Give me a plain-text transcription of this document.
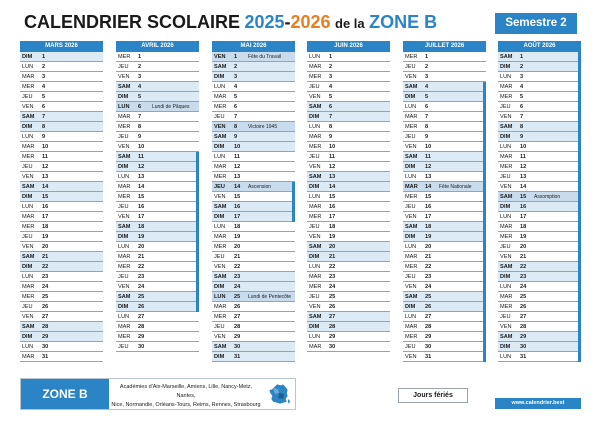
CALENDRIER SCOLAIRE 2025-2026 de la ZONE B	Semestre 2
MARS 2026
DIM	1
LUN	2
MAR	3
MER	4
JEU	5
VEN	6
SAM	7
DIM	8
LUN	9
MAR	10
MER	11
JEU	12
VEN	13
SAM	14
DIM	15
LUN	16
MAR	17
MER	18
JEU	19
VEN	20
SAM	21
DIM	22
LUN	23
MAR	24
MER	25
JEU	26
VEN	27
SAM	28
DIM	29
LUN	30
MAR	31
AVRIL 2026
MER	1
JEU	2
VEN	3
SAM	4
DIM	5
LUN	6	Lundi de Pâques
MAR	7
MER	8
JEU	9
VEN	10
SAM	11
DIM	12
LUN	13
MAR	14
MER	15
JEU	16
VEN	17
SAM	18
DIM	19
LUN	20
MAR	21
MER	22
JEU	23
VEN	24
SAM	25
DIM	26
LUN	27
MAR	28
MER	29
JEU	30
MAI 2026
VEN	1	Fête du Travail
SAM	2
DIM	3
LUN	4
MAR	5
MER	6
JEU	7
VEN	8	Victoire 1945
SAM	9
DIM	10
LUN	11
MAR	12
MER	13
JEU	14	Ascension
VEN	15
SAM	16
DIM	17
LUN	18
MAR	19
MER	20
JEU	21
VEN	22
SAM	23
DIM	24
LUN	25	Lundi de Pentecôte
MAR	26
MER	27
JEU	28
VEN	29
SAM	30
DIM	31
JUIN 2026
LUN	1
MAR	2
MER	3
JEU	4
VEN	5
SAM	6
DIM	7
LUN	8
MAR	9
MER	10
JEU	11
VEN	12
SAM	13
DIM	14
LUN	15
MAR	16
MER	17
JEU	18
VEN	19
SAM	20
DIM	21
LUN	22
MAR	23
MER	24
JEU	25
VEN	26
SAM	27
DIM	28
LUN	29
MAR	30
JUILLET 2026
MER	1
JEU	2
VEN	3
SAM	4
DIM	5
LUN	6
MAR	7
MER	8
JEU	9
VEN	10
SAM	11
DIM	12
LUN	13
MAR	14	Fête Nationale
MER	15
JEU	16
VEN	17
SAM	18
DIM	19
LUN	20
MAR	21
MER	22
JEU	23
VEN	24
SAM	25
DIM	26
LUN	27
MAR	28
MER	29
JEU	30
VEN	31
AOÛT 2026
SAM	1
DIM	2
LUN	3
MAR	4
MER	5
JEU	6
VEN	7
SAM	8
DIM	9
LUN	10
MAR	11
MER	12
JEU	13
VEN	14
SAM	15	Assomption
DIM	16
LUN	17
MAR	18
MER	19
JEU	20
VEN	21
SAM	22
DIM	23
LUN	24
MAR	25
MER	26
JEU	27
VEN	28
SAM	29
DIM	30
LUN	31
ZONE B	Académies d'Aix-Marseille, Amiens, Lille, Nancy-Metz, Nantes,
Nice, Normandie, Orléans-Tours, Reims, Rennes, Strasbourg
Jours fériés
www.calendrier.best
